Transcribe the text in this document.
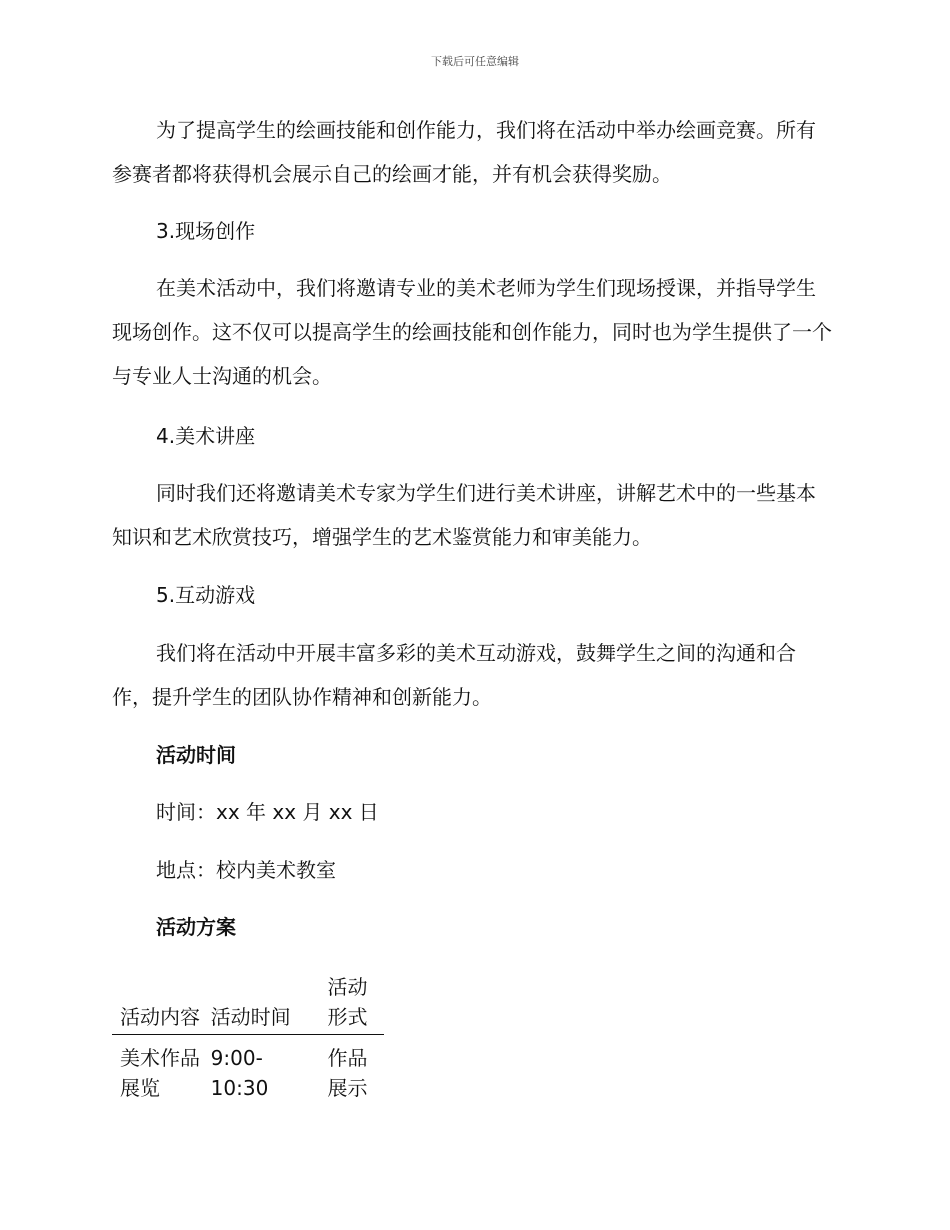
下载后可任意编辑

为了提高学生的绘画技能和创作能力，我们将在活动中举办绘画竞赛。所有参赛者都将获得机会展示自己的绘画才能，并有机会获得奖励。

3.现场创作

在美术活动中，我们将邀请专业的美术老师为学生们现场授课，并指导学生现场创作。这不仅可以提高学生的绘画技能和创作能力，同时也为学生提供了一个与专业人士沟通的机会。

4.美术讲座

同时我们还将邀请美术专家为学生们进行美术讲座，讲解艺术中的一些基本知识和艺术欣赏技巧，增强学生的艺术鉴赏能力和审美能力。

5.互动游戏

我们将在活动中开展丰富多彩的美术互动游戏，鼓舞学生之间的沟通和合作，提升学生的团队协作精神和创新能力。

活动时间

时间：xx 年 xx 月 xx 日

地点：校内美术教室

活动方案

活动内容	活动时间	活动形式
美术作品展览	9:00-10:30	作品展示
